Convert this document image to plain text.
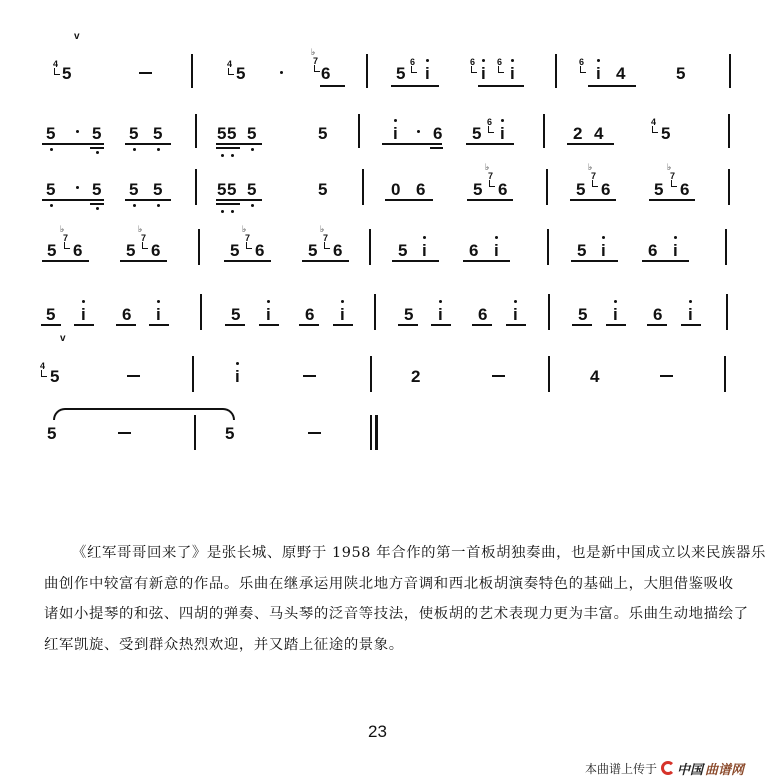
v
4 5	4 5
♭
7
6	5
6
i
6
i
6
i
6
i 4	5
5 5 5 5	5 5 5	5	i 6 5
6
i	2 4
4
5
5 5 5 5	5 5 5	5	0 6	5
♭
7
6	5
♭
7
6	5
♭
7
6
5
♭
7
6	5
♭
7
6	5
♭
7
6	5
♭
7
6	5 i 6 i	5 i 6 i
5 i 6 i	5 i 6 i	5 i 6 i	5 i 6 i
v
4
5	i	2	4
5	5
《红军哥哥回来了》是张长城、原野于 1958 年合作的第一首板胡独奏曲，也是新中国成立以来民族器乐
曲创作中较富有新意的作品。乐曲在继承运用陕北地方音调和西北板胡演奏特色的基础上，大胆借鉴吸收
诸如小提琴的和弦、四胡的弹奏、马头琴的泛音等技法，使板胡的艺术表现力更为丰富。乐曲生动地描绘了
红军凯旋、受到群众热烈欢迎，并又踏上征途的景象。
23
本曲谱上传于 中国 曲谱网
